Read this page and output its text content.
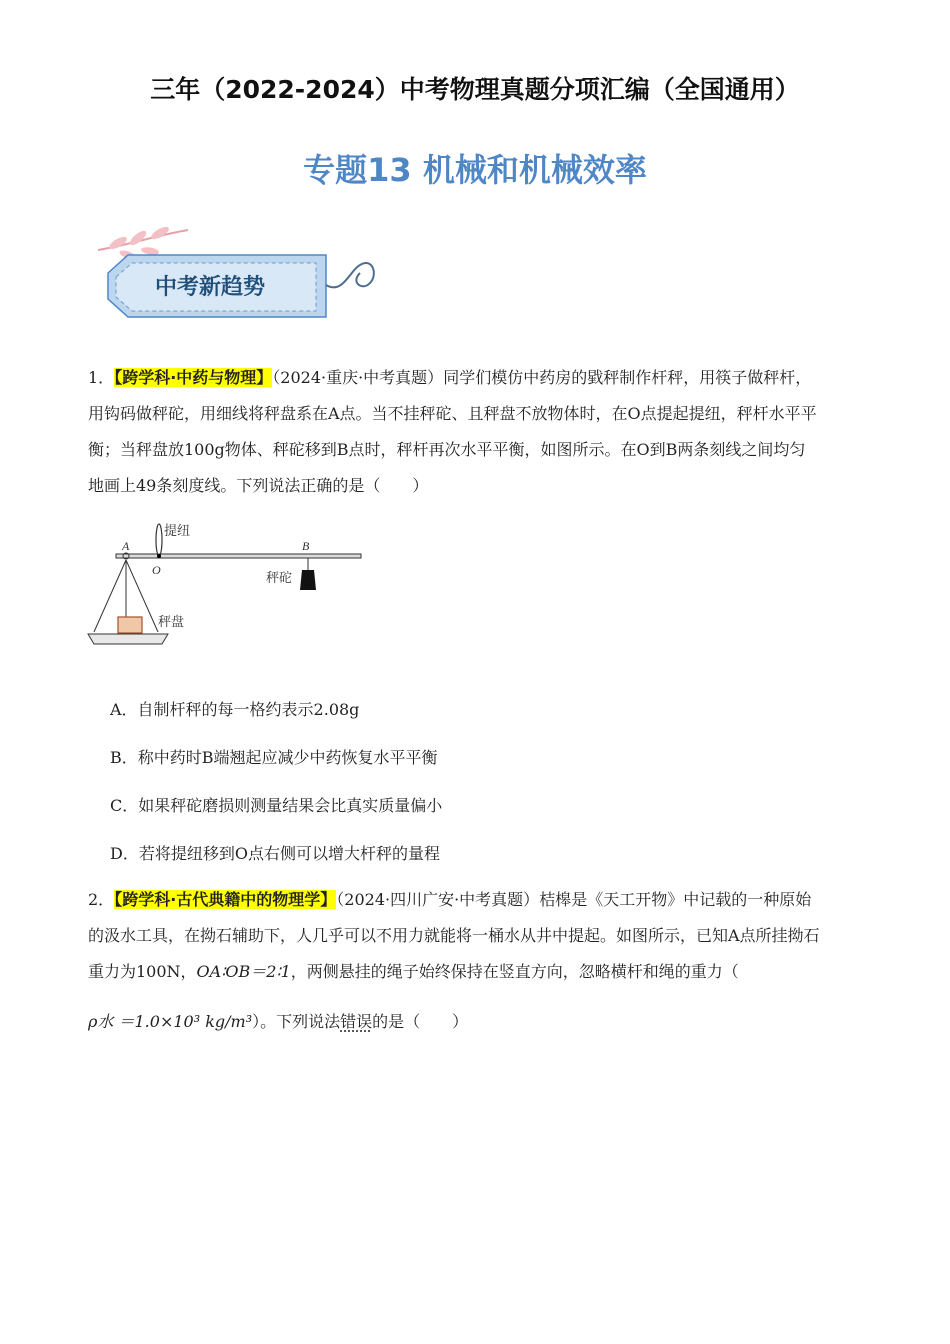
三年（2022-2024）中考物理真题分项汇编（全国通用）
专题13 机械和机械效率
中考新趋势
1．【跨学科·中药与物理】（2024·重庆·中考真题）同学们模仿中药房的戥秤制作杆秤，用筷子做秤杆，
用钩码做秤砣，用细线将秤盘系在A点。当不挂秤砣、且秤盘不放物体时，在O点提起提纽，秤杆水平平
衡；当秤盘放100g物体、秤砣移到B点时，秤杆再次水平平衡，如图所示。在O到B两条刻线之间均匀
地画上49条刻度线。下列说法正确的是（　　）
A
O
B
提纽
秤砣
秤盘
A．自制杆秤的每一格约表示2.08g
B．称中药时B端翘起应减少中药恢复水平平衡
C．如果秤砣磨损则测量结果会比真实质量偏小
D．若将提纽移到O点右侧可以增大杆秤的量程
2．【跨学科·古代典籍中的物理学】（2024·四川广安·中考真题）桔槔是《天工开物》中记载的一种原始
的汲水工具，在拗石辅助下，人几乎可以不用力就能将一桶水从井中提起。如图所示，已知A点所挂拗石
重力为100N，OA∶OB＝2∶1，两侧悬挂的绳子始终保持在竖直方向，忽略横杆和绳的重力（
ρ水 ＝1.0×10³ kg/m³）。下列说法错误的是（　　）
